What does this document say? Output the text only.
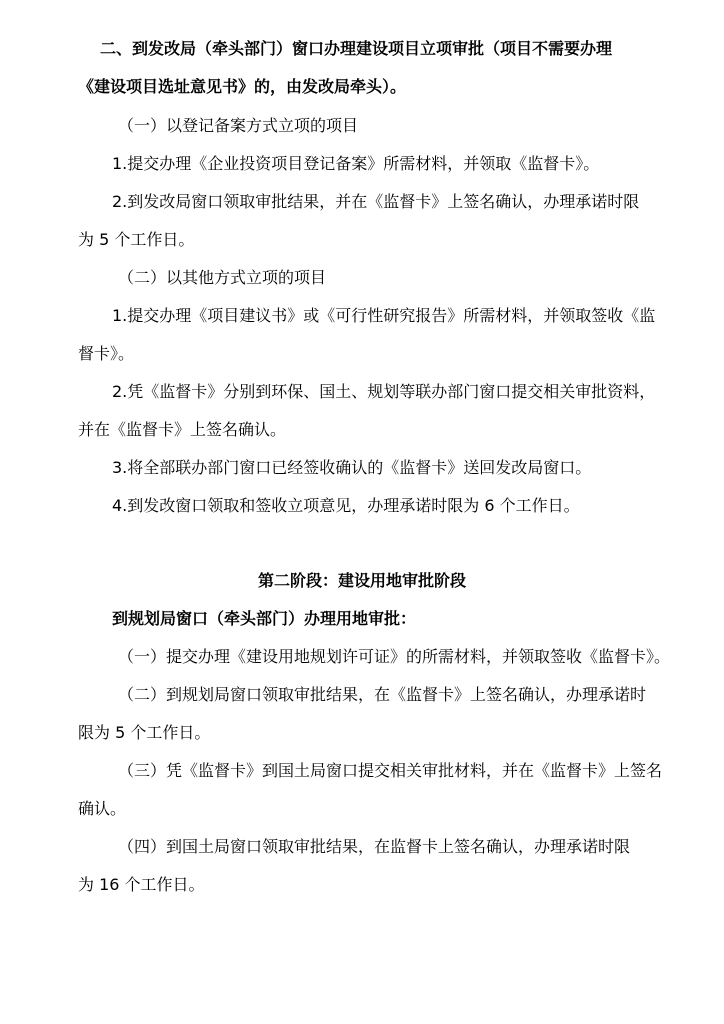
二、到发改局（牵头部门）窗口办理建设项目立项审批（项目不需要办理

《建设项目选址意见书》的，由发改局牵头）。

（一）以登记备案方式立项的项目

1.提交办理《企业投资项目登记备案》所需材料，并领取《监督卡》。

2.到发改局窗口领取审批结果，并在《监督卡》上签名确认，办理承诺时限

为 5 个工作日。

（二）以其他方式立项的项目

1.提交办理《项目建议书》或《可行性研究报告》所需材料，并领取签收《监

督卡》。

2.凭《监督卡》分别到环保、国土、规划等联办部门窗口提交相关审批资料，

并在《监督卡》上签名确认。

3.将全部联办部门窗口已经签收确认的《监督卡》送回发改局窗口。

4.到发改窗口领取和签收立项意见，办理承诺时限为 6 个工作日。

第二阶段：建设用地审批阶段

到规划局窗口（牵头部门）办理用地审批：

（一）提交办理《建设用地规划许可证》的所需材料，并领取签收《监督卡》。

（二）到规划局窗口领取审批结果，在《监督卡》上签名确认，办理承诺时

限为 5 个工作日。

（三）凭《监督卡》到国土局窗口提交相关审批材料，并在《监督卡》上签名

确认。

（四）到国土局窗口领取审批结果，在监督卡上签名确认，办理承诺时限

为 16 个工作日。
